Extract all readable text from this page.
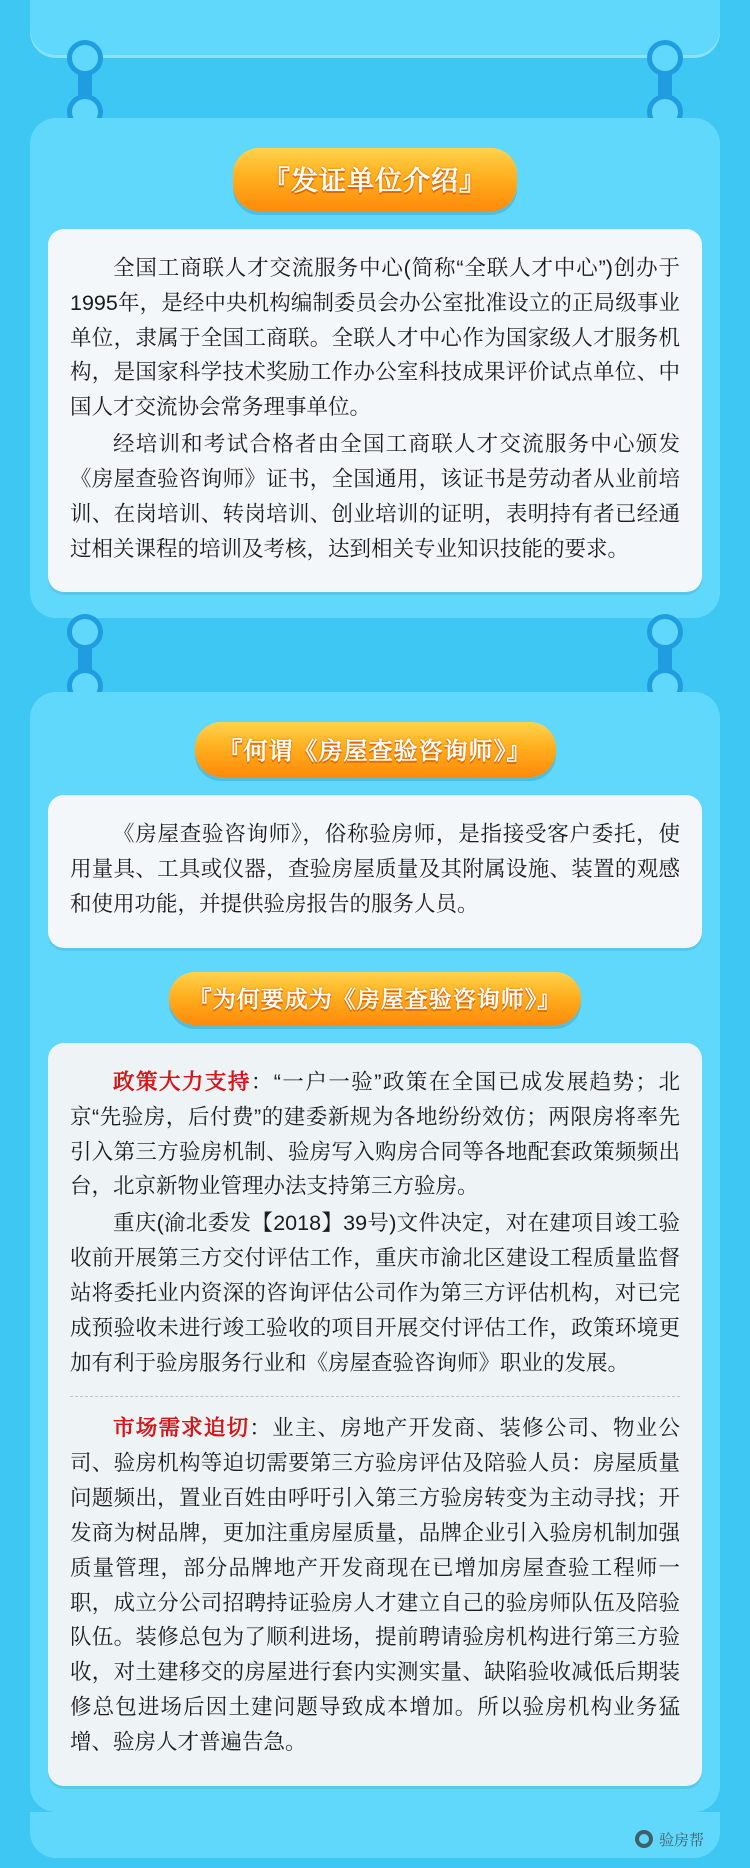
『发证单位介绍』

全国工商联人才交流服务中心(简称“全联人才中心”)创办于1995年，是经中央机构编制委员会办公室批准设立的正局级事业单位，隶属于全国工商联。全联人才中心作为国家级人才服务机构，是国家科学技术奖励工作办公室科技成果评价试点单位、中国人才交流协会常务理事单位。

经培训和考试合格者由全国工商联人才交流服务中心颁发《房屋查验咨询师》证书，全国通用，该证书是劳动者从业前培训、在岗培训、转岗培训、创业培训的证明，表明持有者已经通过相关课程的培训及考核，达到相关专业知识技能的要求。

『何谓《房屋查验咨询师》』

《房屋查验咨询师》，俗称验房师，是指接受客户委托，使用量具、工具或仪器，查验房屋质量及其附属设施、装置的观感和使用功能，并提供验房报告的服务人员。

『为何要成为《房屋查验咨询师》』

政策大力支持：“一户一验”政策在全国已成发展趋势；北京“先验房，后付费”的建委新规为各地纷纷效仿；两限房将率先引入第三方验房机制、验房写入购房合同等各地配套政策频频出台，北京新物业管理办法支持第三方验房。

重庆(渝北委发【2018】39号)文件决定，对在建项目竣工验收前开展第三方交付评估工作，重庆市渝北区建设工程质量监督站将委托业内资深的咨询评估公司作为第三方评估机构，对已完成预验收未进行竣工验收的项目开展交付评估工作，政策环境更加有利于验房服务行业和《房屋查验咨询师》职业的发展。

市场需求迫切：业主、房地产开发商、装修公司、物业公司、验房机构等迫切需要第三方验房评估及陪验人员：房屋质量问题频出，置业百姓由呼吁引入第三方验房转变为主动寻找；开发商为树品牌，更加注重房屋质量，品牌企业引入验房机制加强质量管理，部分品牌地产开发商现在已增加房屋查验工程师一职，成立分公司招聘持证验房人才建立自己的验房师队伍及陪验队伍。装修总包为了顺利进场，提前聘请验房机构进行第三方验收，对土建移交的房屋进行套内实测实量、缺陷验收减低后期装修总包进场后因土建问题导致成本增加。所以验房机构业务猛增、验房人才普遍告急。

验房帮
